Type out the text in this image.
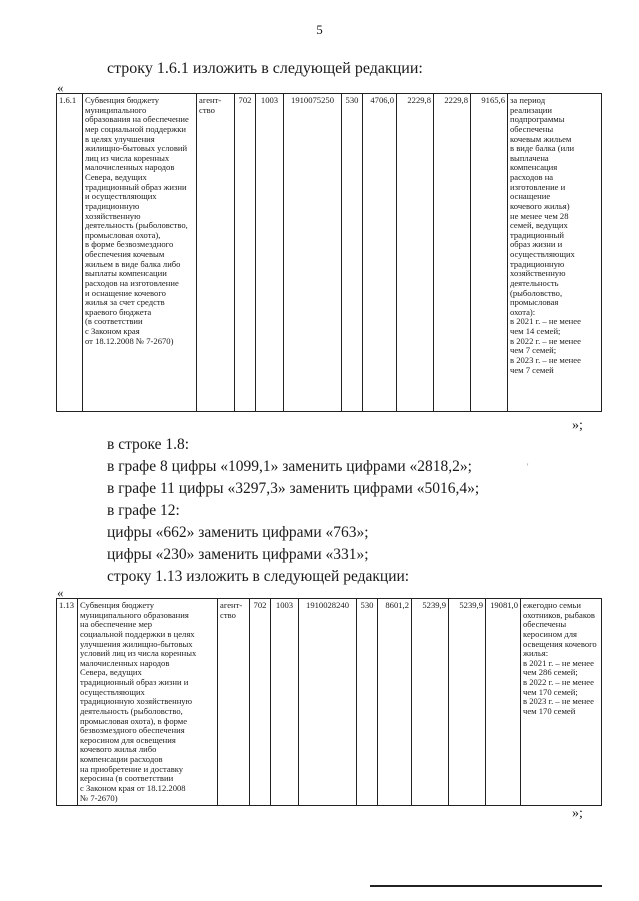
5
строку 1.6.1 изложить в следующей редакции:
«
1.6.1	Субвенция бюджету
муниципального
образования на обеспечение
мер социальной поддержки
в целях улучшения
жилищно-бытовых условий
лиц из числа коренных
малочисленных народов
Севера, ведущих
традиционный образ жизни
и осуществляющих
традиционную
хозяйственную
деятельность (рыболовство,
промысловая охота),
в форме безвозмездного
обеспечения кочевым
жильем в виде балка либо
выплаты компенсации
расходов на изготовление
и оснащение кочевого
жилья за счет средств
краевого бюджета
(в соответствии
с Законом края
от 18.12.2008 № 7-2670)	агент-
ство	702	1003	1910075250	530	4706,0	2229,8	2229,8	9165,6	за период
реализации
подпрограммы
обеспечены
кочевым жильем
в виде балка (или
выплачена
компенсация
расходов на
изготовление и
оснащение
кочевого жилья)
не менее чем 28
семей, ведущих
традиционный
образ жизни и
осуществляющих
традиционную
хозяйственную
деятельность
(рыболовство,
промысловая
охота):
в 2021 г. – не менее
чем 14 семей;
в 2022 г. – не менее
чем 7 семей;
в 2023 г. – не менее
чем 7 семей
»;
в строке 1.8:
в графе 8 цифры «1099,1» заменить цифрами «2818,2»;	'
в графе 11 цифры «3297,3» заменить цифрами «5016,4»;
в графе 12:
цифры «662» заменить цифрами «763»;
цифры «230» заменить цифрами «331»;
строку 1.13 изложить в следующей редакции:
«
1.13	Субвенция бюджету
муниципального образования
на обеспечение мер
социальной поддержки в целях
улучшения жилищно-бытовых
условий лиц из числа коренных
малочисленных народов
Севера, ведущих
традиционный образ жизни и
осуществляющих
традиционную хозяйственную
деятельность (рыболовство,
промысловая охота), в форме
безвозмездного обеспечения
керосином для освещения
кочевого жилья либо
компенсации расходов
на приобретение и доставку
керосина (в соответствии
с Законом края от 18.12.2008
№ 7-2670)	агент-
ство	702	1003	1910028240	530	8601,2	5239,9	5239,9	19081,0	ежегодно семьи
охотников, рыбаков
обеспечены
керосином для
освещения кочевого
жилья:
в 2021 г. – не менее
чем 286 семей;
в 2022 г. – не менее
чем 170 семей;
в 2023 г. – не менее
чем 170 семей
»;
